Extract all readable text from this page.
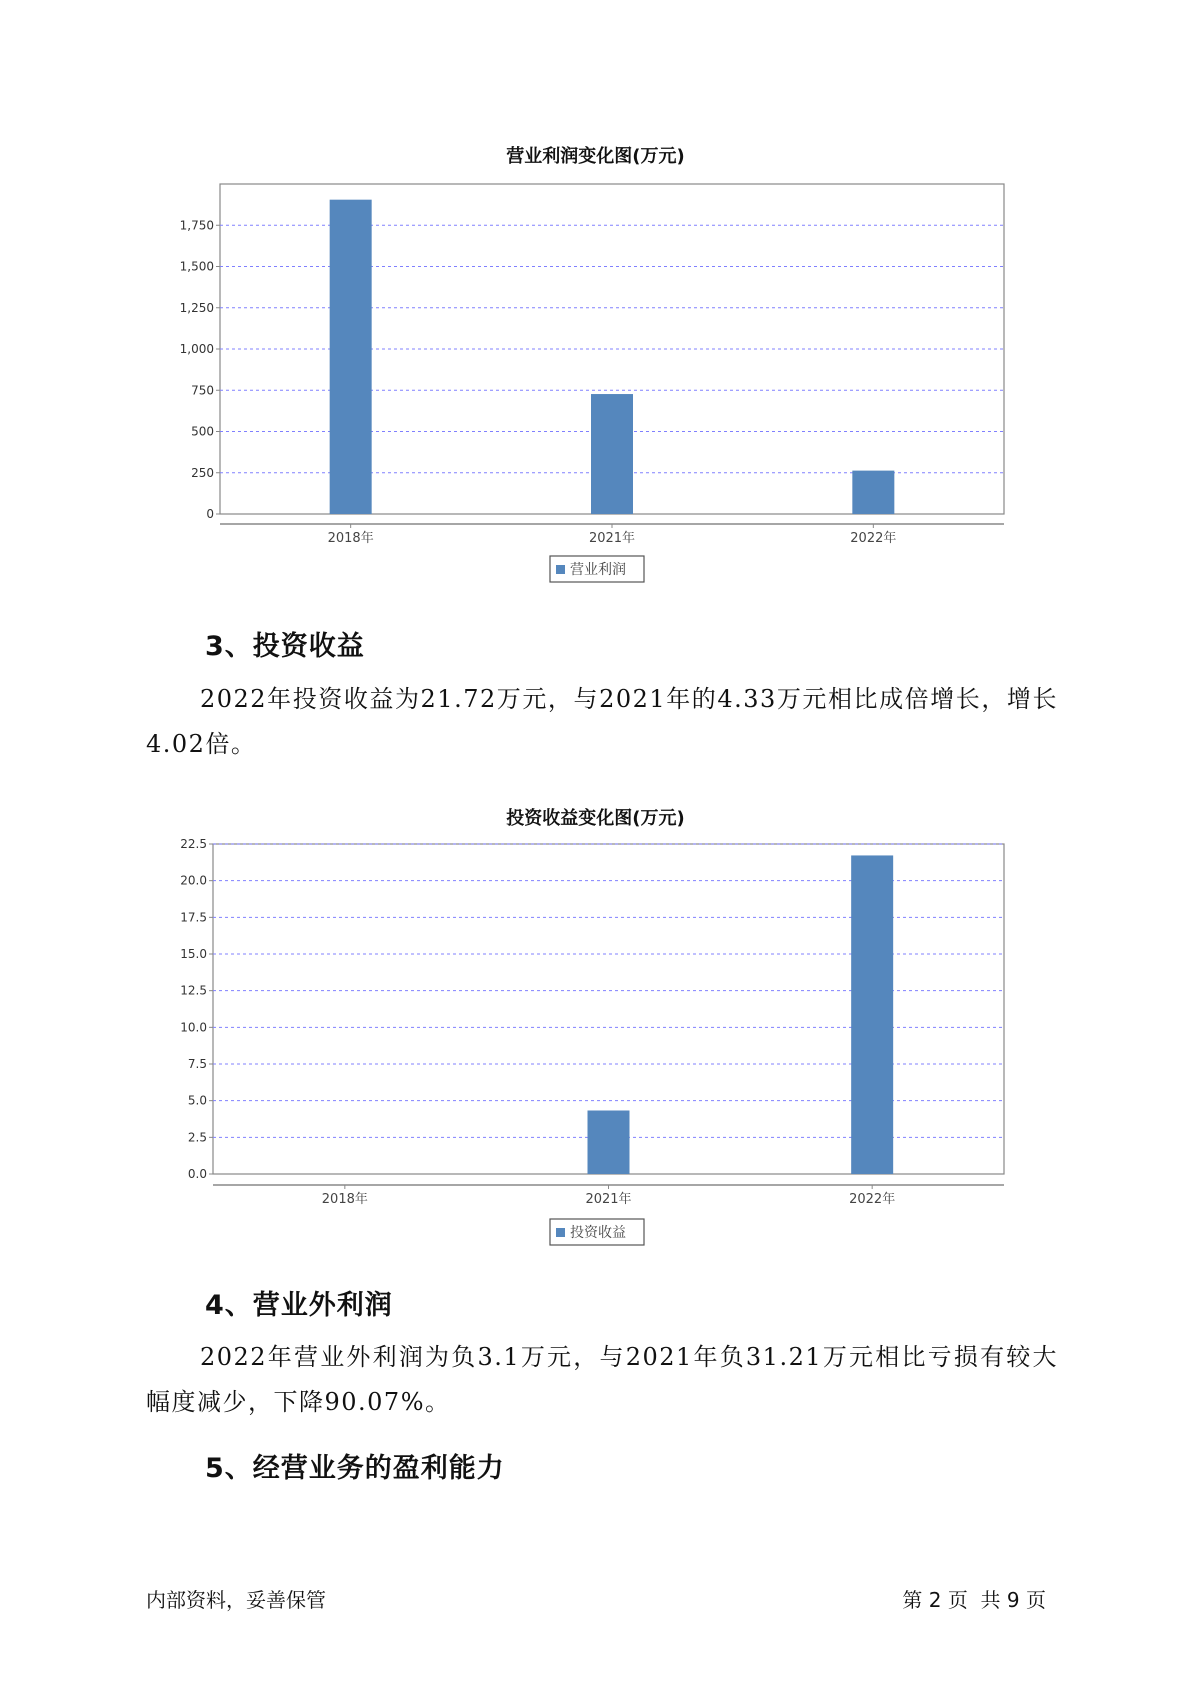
营业利润变化图(万元)
0
250
500
750
1,000
1,250
1,500
1,750
2018年	2021年	2022年
营业利润
3、投资收益

2022年投资收益为21.72万元，与2021年的4.33万元相比成倍增长，增长4.02倍。

投资收益变化图(万元)
0.0
2.5
5.0
7.5
10.0
12.5
15.0
17.5
20.0
22.5
2018年	2021年	2022年
投资收益
4、营业外利润

2022年营业外利润为负3.1万元，与2021年负31.21万元相比亏损有较大幅度减少，下降90.07%。

5、经营业务的盈利能力
内部资料，妥善保管	第 2 页  共 9 页
